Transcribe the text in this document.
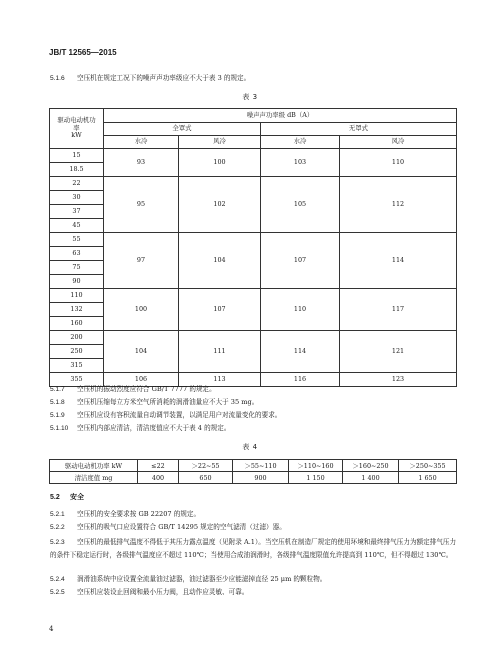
JB/T 12565—2015
5.1.6 空压机在规定工况下的噪声声功率级应不大于表 3 的规定。
表 3
驱动电动机功率
kW	噪声声功率级 dB（A）			
	全罩式		无罩式	
	水冷	风冷	水冷	风冷
15	93	100	103	110
18.5				
22	95	102	105	112
30				
37				
45				
55	97	104	107	114
63				
75				
90				
110	100	107	110	117
132				
160				
200	104	111	114	121
250				
315				
355	106	113	116	123
5.1.7 空压机的振动烈度应符合 GB/T 7777 的规定。
5.1.8 空压机压缩每立方米空气所消耗的润滑油量应不大于 35 mg。
5.1.9 空压机应设有容积流量自动调节装置，以满足用户对流量变化的要求。
5.1.10 空压机内部应清洁，清洁度值应不大于表 4 的规定。
表 4
驱动电动机功率 kW	≤22	＞22~55	＞55~110	＞110~160	＞160~250	＞250~355
清洁度值 mg	400	650	900	1 150	1 400	1 650
5.2 安全
5.2.1 空压机的安全要求按 GB 22207 的规定。
5.2.2 空压机的吸气口应设置符合 GB/T 14295 规定的空气滤清（过滤）器。
5.2.3 空压机的最低排气温度不得低于其压力露点温度（见附录 A.1）。当空压机在制造厂规定的使用环境和最终排气压力为额定排气压力的条件下稳定运行时，各级排气温度应不超过 110℃；当使用合成油润滑时，各级排气温度限值允许提高到 110℃，但不得超过 130℃。
5.2.4 润滑油系统中应设置全流量油过滤器，油过滤器至少应能滤掉直径 25 μm 的颗粒物。
5.2.5 空压机应装设止回阀和最小压力阀，且动作应灵敏、可靠。
4
